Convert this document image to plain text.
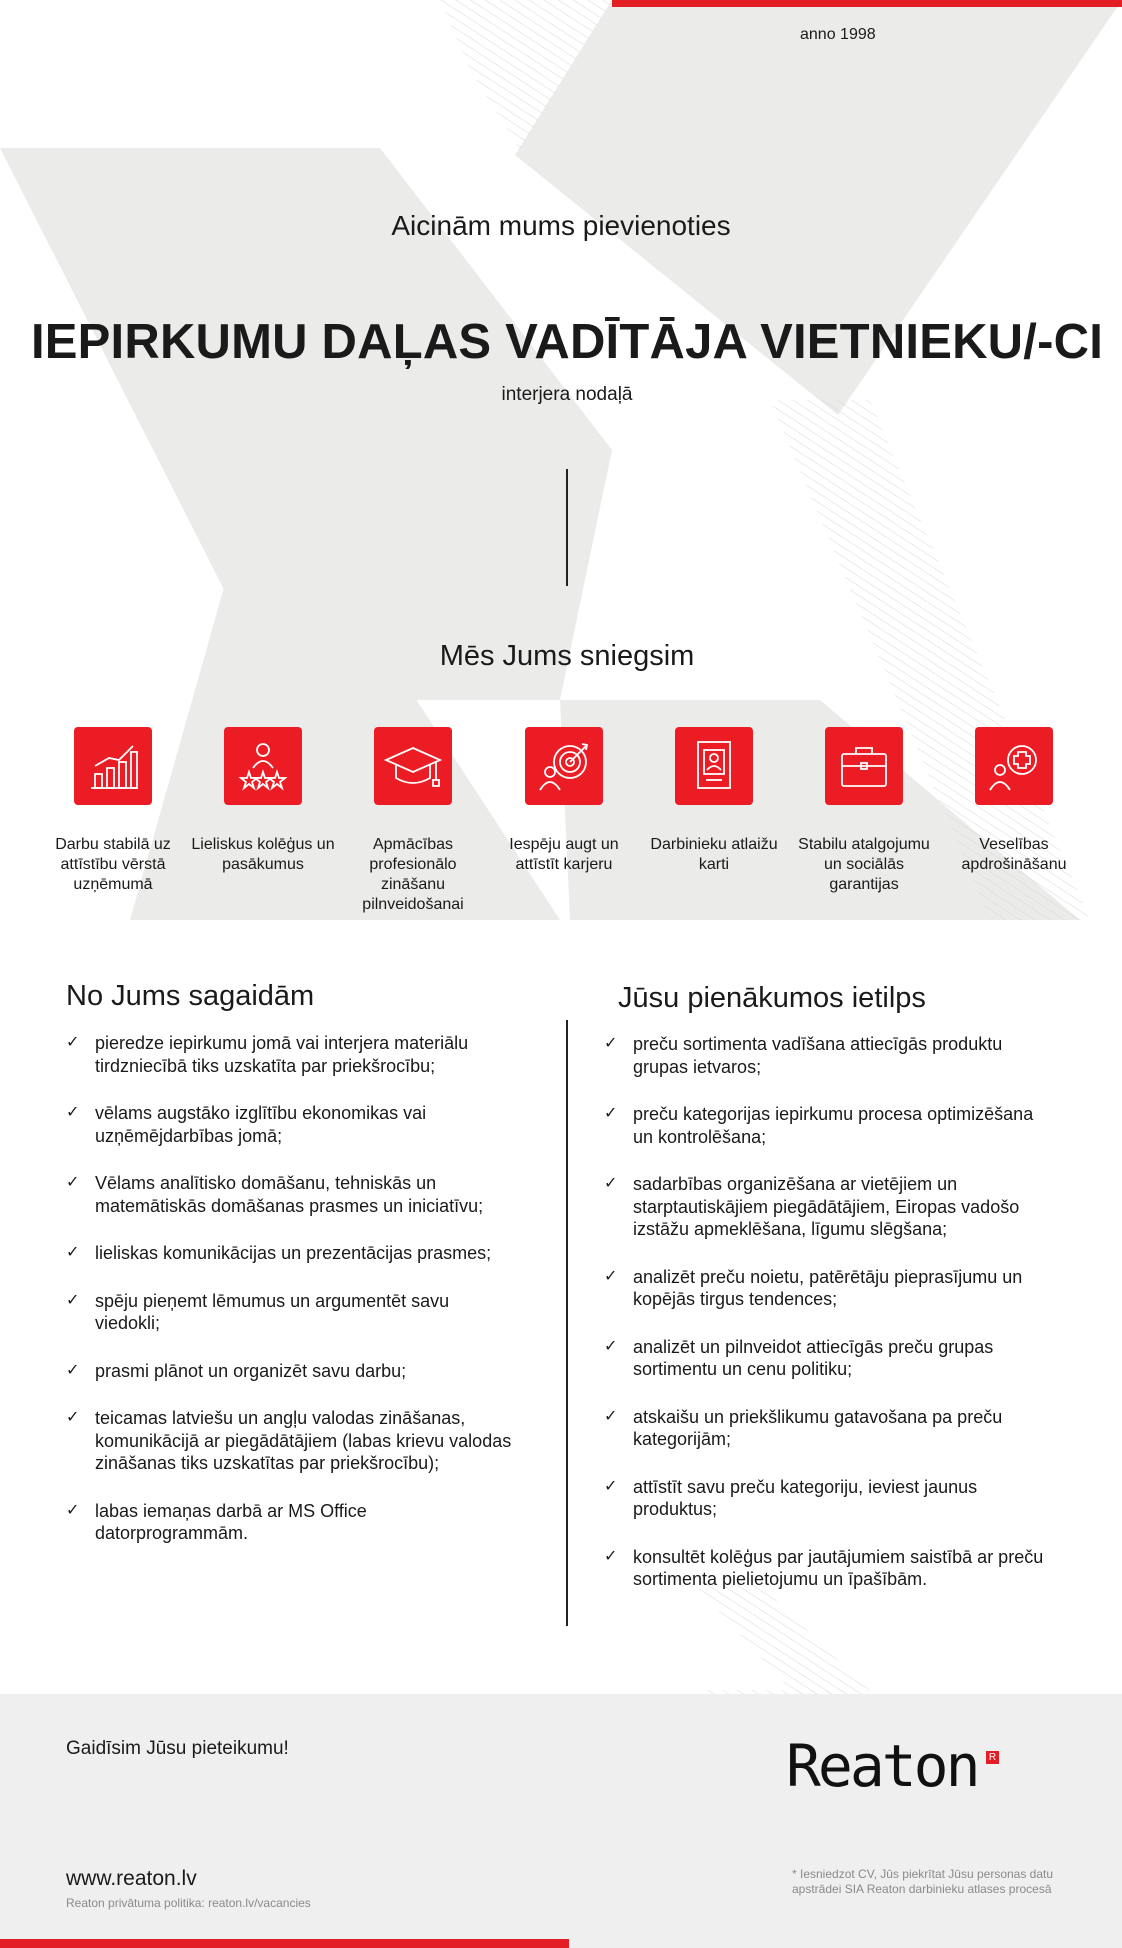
anno 1998
Aicinām mums pievienoties
IEPIRKUMU DAĻAS VADĪTĀJA VIETNIEKU/-CI
interjera nodaļā
Mēs Jums sniegsim
Darbu stabilā uz attīstību vērstā uzņēmumā
Lieliskus kolēģus un pasākumus
Apmācības profesionālo zināšanu pilnveidošanai
Iespēju augt un attīstīt karjeru
Darbinieku atlaižu karti
Stabilu atalgojumu un sociālās garantijas
Veselības apdrošināšanu
No Jums sagaidām
✓ pieredze iepirkumu jomā vai interjera materiālu tirdzniecībā tiks uzskatīta par priekšrocību;
✓ vēlams augstāko izglītību ekonomikas vai uzņēmējdarbības jomā;
✓ Vēlams analītisko domāšanu, tehniskās un matemātiskās domāšanas prasmes un iniciatīvu;
✓ lieliskas komunikācijas un prezentācijas prasmes;
✓ spēju pieņemt lēmumus un argumentēt savu viedokli;
✓ prasmi plānot un organizēt savu darbu;
✓ teicamas latviešu un angļu valodas zināšanas, komunikācijā ar piegādātājiem (labas krievu valodas zināšanas tiks uzskatītas par priekšrocību);
✓ labas iemaņas darbā ar MS Office datorprogrammām.
Jūsu pienākumos ietilps
✓ preču sortimenta vadīšana attiecīgās produktu grupas ietvaros;
✓ preču kategorijas iepirkumu procesa optimizēšana un kontrolēšana;
✓ sadarbības organizēšana ar vietējiem un starptautiskājiem piegādātājiem, Eiropas vadošo izstāžu apmeklēšana, līgumu slēgšana;
✓ analizēt preču noietu, patērētāju pieprasījumu un kopējās tirgus tendences;
✓ analizēt un pilnveidot attiecīgās preču grupas sortimentu un cenu politiku;
✓ atskaišu un priekšlikumu gatavošana pa preču kategorijām;
✓ attīstīt savu preču kategoriju, ieviest jaunus produktus;
✓ konsultēt kolēģus par jautājumiem saistībā ar preču sortimenta pielietojumu un īpašībām.
Gaidīsim Jūsu pieteikumu!	Reaton R
www.reaton.lv
Reaton privātuma politika: reaton.lv/vacancies
* Iesniedzot CV, Jūs piekrītat Jūsu personas datu apstrādei SIA Reaton darbinieku atlases procesā
